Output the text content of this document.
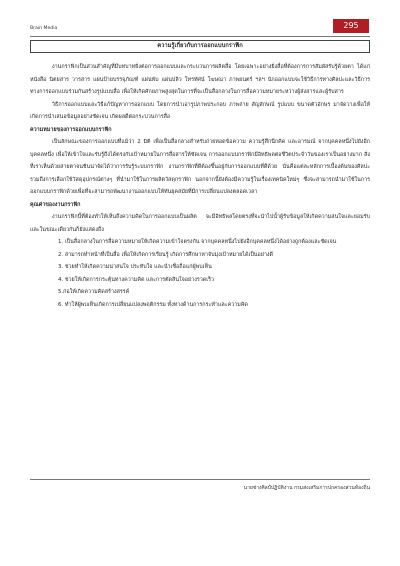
295
Brain Media
ความรู้เกี่ยวกับการออกแบบกราฟิก

งานกราฟิกเป็นส่วนสำคัญที่มีบทบาทยิ่งต่อการออกแบบและกระบวนการผลิตสื่อ โดยเฉพาะอย่างยิ่งสื่อที่ต้องการการสัมผัสรับรู้ด้วยตา ได้แก่ หนังสือ นิตยสาร วารสาร แผ่นป้ายบรรจุภัณฑ์ แผ่นพับ แผ่นปลิว โทรทัศน์ โฆษณา ภาพยนตร์ ฯลฯ นักออกแบบจะใช้วิธีการทางศิลปะและวิธีการทางการออกแบบร่วมกันสร้างรูปแบบสื่อ เพื่อให้เกิดศักยภาพสูงสุดในการที่จะเป็นสื่อกลางในการสื่อความหมายระหว่างผู้ส่งสารและผู้รับสาร

วิธีการออกแบบและวิธีแก้ปัญหาการออกแบบ โดยการนำเอารูปภาพประกอบ ภาพถ่าย สัญลักษณ์ รูปแบบ ขนาดตัวอักษร มาจัดวางเพื่อให้เกิดการนำเสนอข้อมูลอย่างชัดเจน เกิดผลดีต่อกระบวนการสื่อ

ความหมายของการออกแบบกราฟิก

เป็นลักษณะของการออกแบบที่แม้ว่า 2 มิติ เพื่อเป็นสื่อกลางสำหรับถ่ายทอดข้อความ ความรู้สึกนึกคิด และอารมณ์ จากบุคคลหนึ่งไปยังอีกบุคคลหนึ่ง เพื่อให้เข้าใจและรับรู้ถึงได้ตรงกับเป้าหมายในการสื่อสารให้ชัดเจน การออกแบบกราฟิกมีอิทธิพลต่อชีวิตประจำวันของเราเป็นอย่างมาก สิ่งที่เราเห็นด้วยสายตาจนชินน่าจัดได้ว่าการรับรู้ระบบกราฟิก งานกราฟิกที่ดีต้องขึ้นอยู่กับการออกแบบที่ดีด้วย นั่นคือแต่ละหลักการเบื้องต้นของศิลปะ รวมถึงการเลือกใช้วัสดุอุปกรณ์ต่างๆ ที่นำมาใช้ในการผลิตวัสดุกราฟิก นอกจากนี้ยังต้องมีความรู้ในเรื่องเทคนิคใหม่ๆ ซึ่งจะสามารถนำมาใช้ในการออกแบบกราฟิกด้วยเพื่อที่จะสามารถพัฒนางานออกแบบให้ทันยุคสมัยที่มีการเปลี่ยนแปลงตลอดเวลา

คุณค่าของงานกราฟิก

งานกราฟิกนี้ที่ต้องทำให้เห็นถึงความคิดในการออกแบบเป็นผลิต จะมีอิทธิพลโดยตรงที่จะนำไปน้ำผู้รับข้อมูลให้เกิดความสนใจและยอมรับ และในขณะเดียวกันก็ยังแสดงถึง

1. เป็นสื่อกลางในการสื่อความหมายให้เกิดความเข้าใจตรงกัน จากบุคคลหนึ่งไปยังอีกบุคคลหนึ่งได้อย่างถูกต้องและชัดเจน

2. สามารถทำหน้าที่เป็นสื่อ เพื่อให้เกิดการเรียนรู้ เกิดการศึกษาหาจับมุ่งเป้าหมายได้เป็นอย่างดี

3. ช่วยทำให้เกิดความน่าสนใจ ประทับใจ และนำเชื่อถือแก่ผู้พบเห็น

4. ช่วยให้เกิดการกระตุ้นทางความคิด และการตัดสินใจอย่างรวดเร็ว

5.ก่อให้เกิดความคิดสร้างสรรค์

6. ทำให้ผู้พบเห็นเกิดการเปลี่ยนแปลงพฤติกรรม ทั้งทางด้านการกระทำและความคิด

นายช่างศิลป์ปฏิบัติงาน กรมส่งเสริมการปกครองส่วนท้องถิ่น
